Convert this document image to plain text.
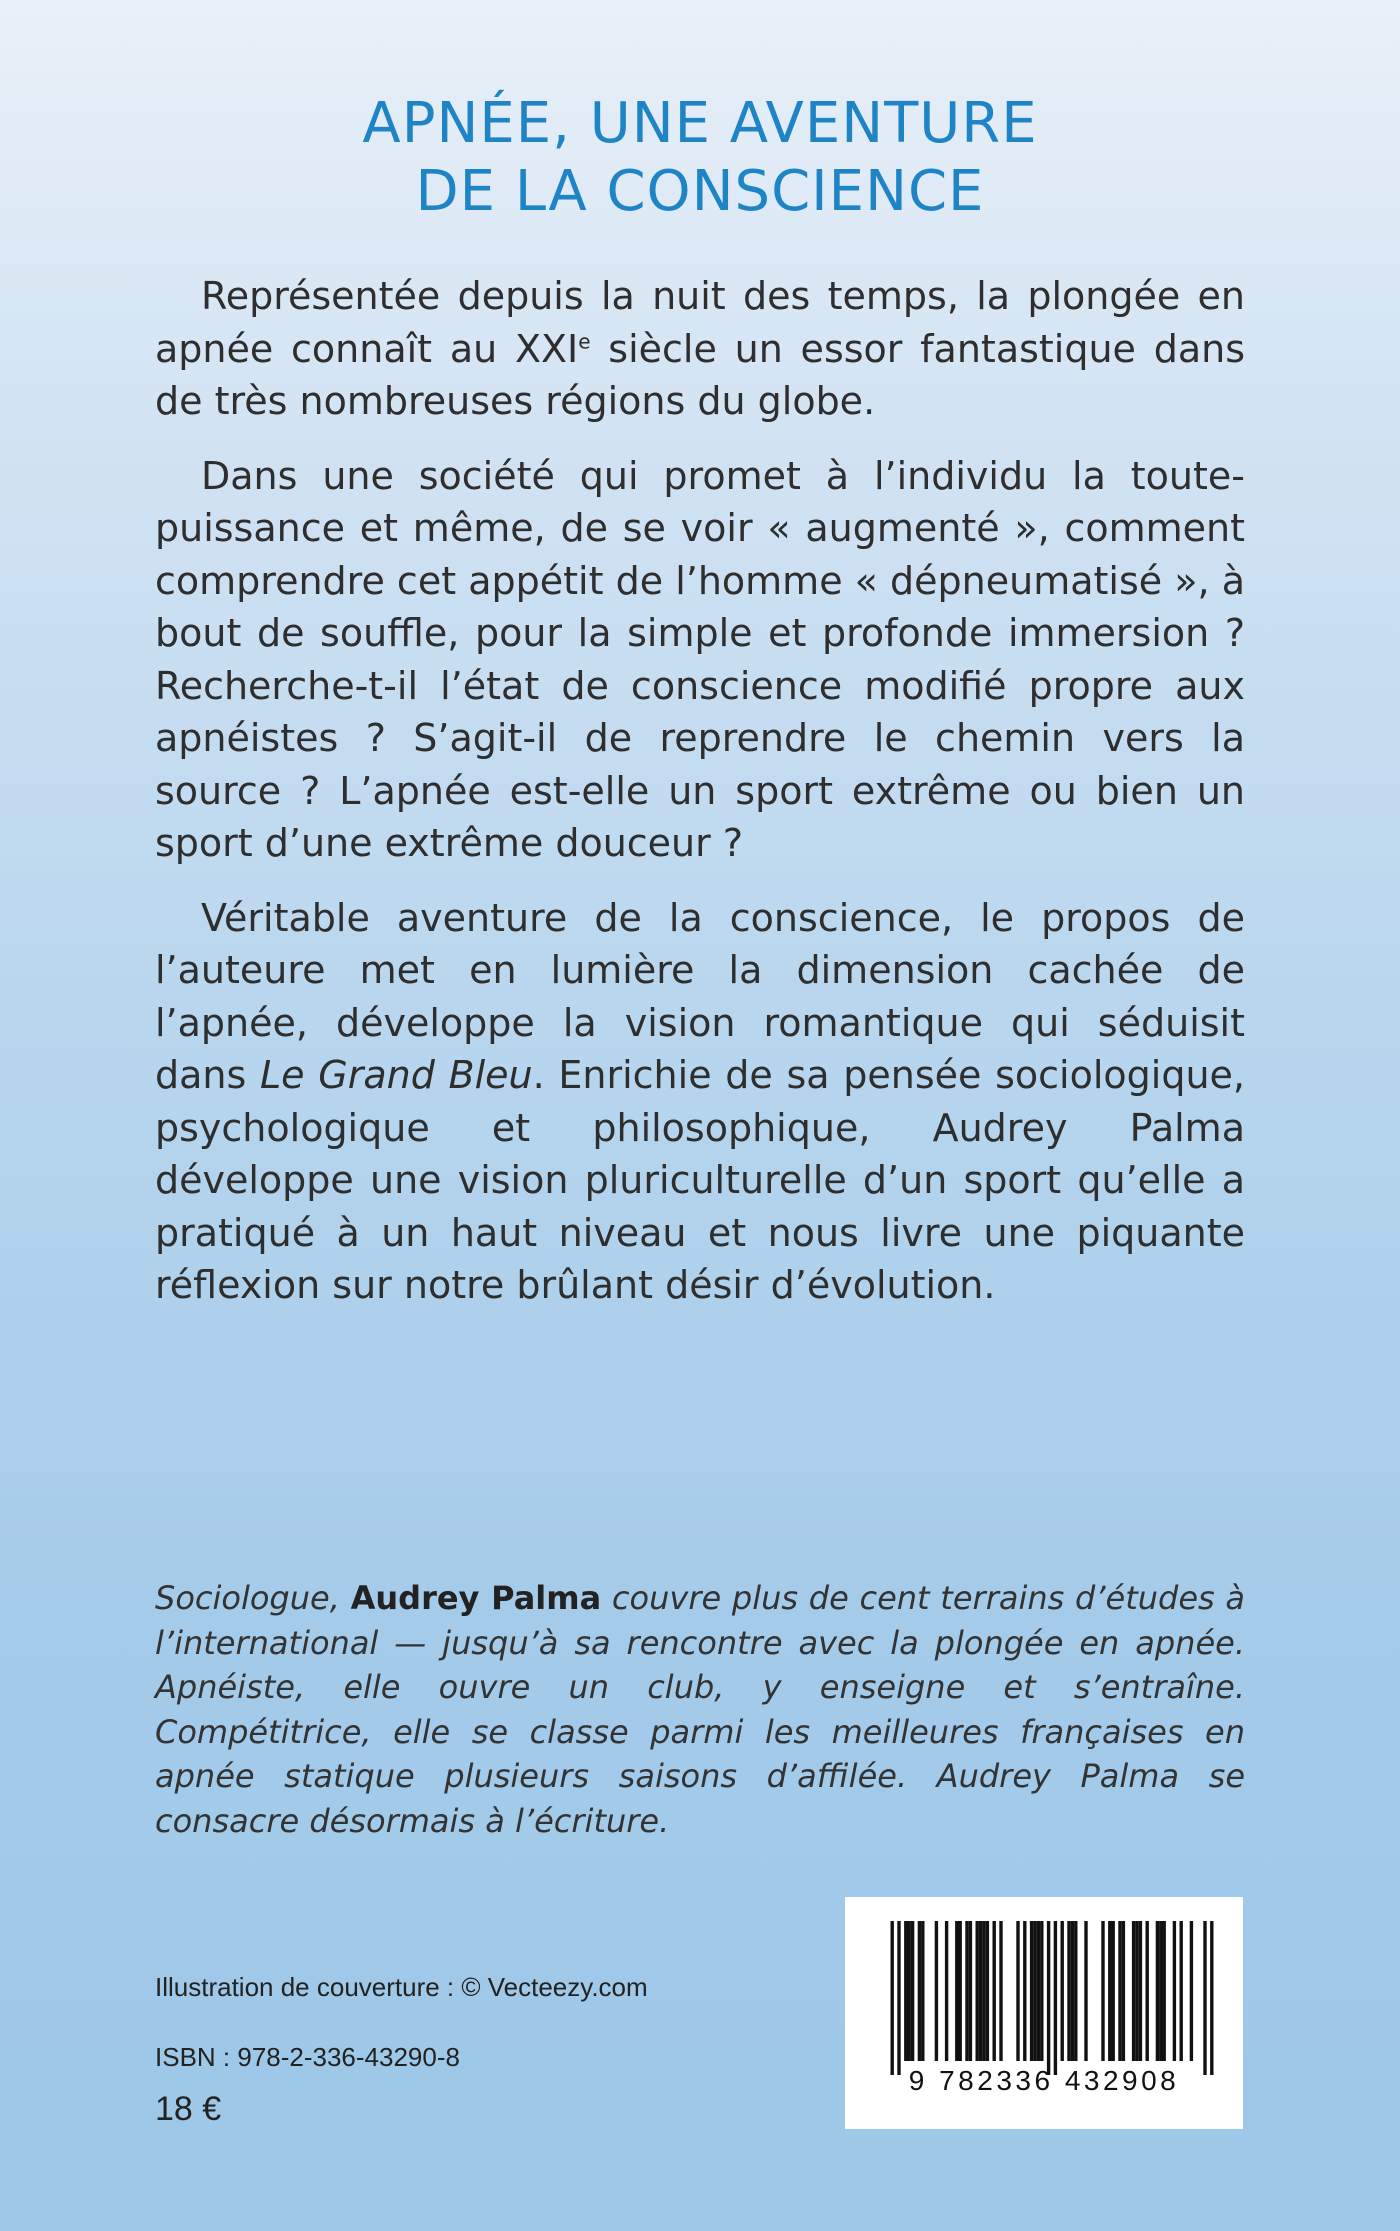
APNÉE, UNE AVENTURE
DE LA CONSCIENCE

Représentée depuis la nuit des temps, la plongée en apnée connaît au XXIe siècle un essor fantastique dans de très nombreuses régions du globe.

Dans une société qui promet à l’individu la toute-puissance et même, de se voir « augmenté », comment comprendre cet appétit de l’homme « dépneumatisé », à bout de souffle, pour la simple et profonde immersion ? Recherche-t-il l’état de conscience modifié propre aux apnéistes ? S’agit-il de reprendre le chemin vers la source ? L’apnée est-elle un sport extrême ou bien un sport d’une extrême douceur ?

Véritable aventure de la conscience, le propos de l’auteure met en lumière la dimension cachée de l’apnée, développe la vision romantique qui séduisit dans Le Grand Bleu. Enrichie de sa pensée sociologique, psychologique et philosophique, Audrey Palma développe une vision pluriculturelle d’un sport qu’elle a pratiqué à un haut niveau et nous livre une piquante réflexion sur notre brûlant désir d’évolution.

Sociologue, Audrey Palma couvre plus de cent terrains d’études à l’international — jusqu’à sa rencontre avec la plongée en apnée. Apnéiste, elle ouvre un club, y enseigne et s’entraîne. Compétitrice, elle se classe parmi les meilleures françaises en apnée statique plusieurs saisons d’affilée. Audrey Palma se consacre désormais à l’écriture.

Illustration de couverture : © Vecteezy.com
ISBN : 978-2-336-43290-8
18 €
9 782336 432908
